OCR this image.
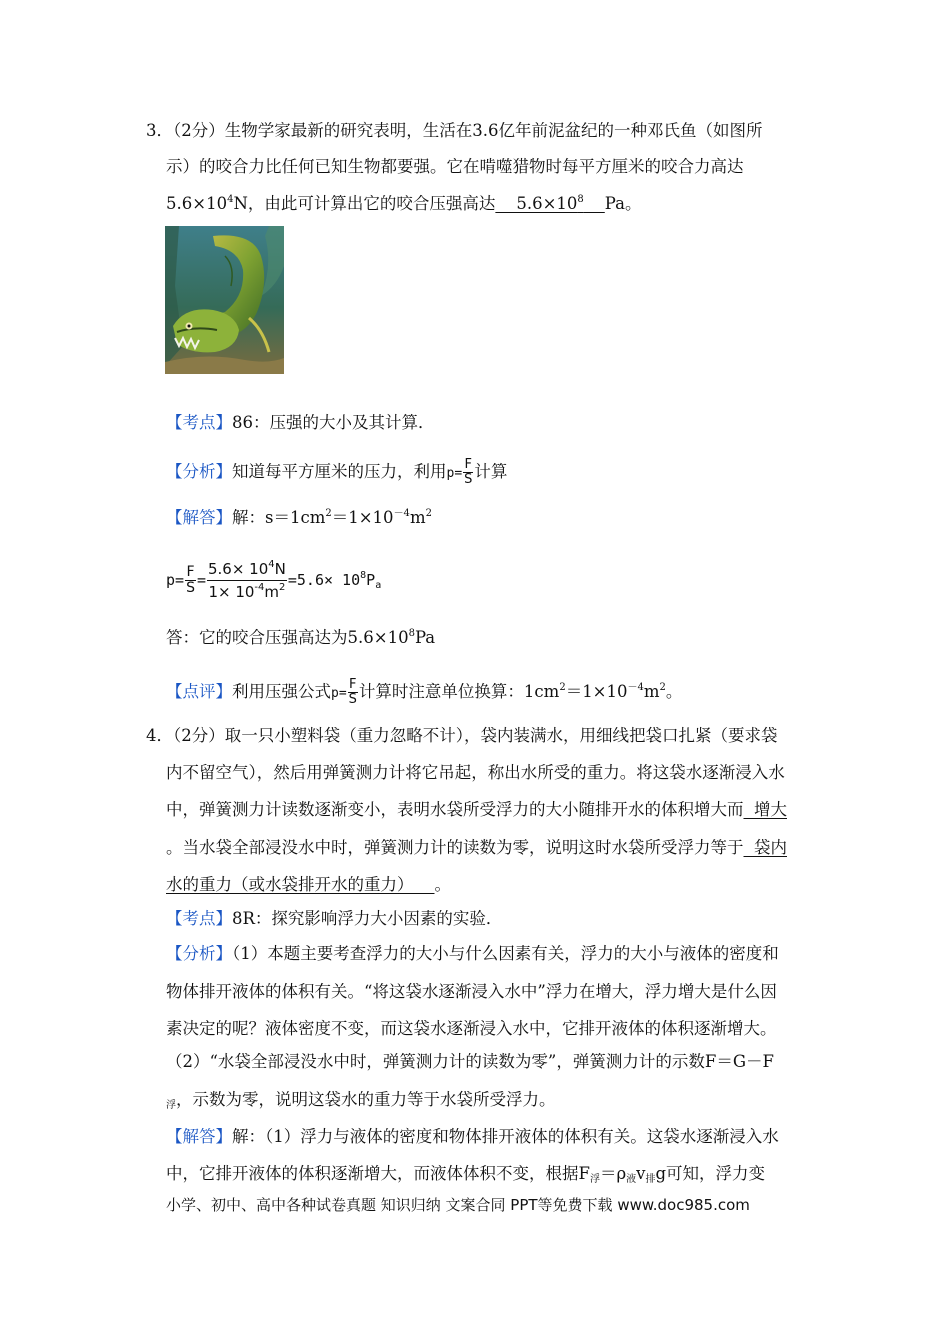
3．（2分）生物学家最新的研究表明，生活在3.6亿年前泥盆纪的一种邓氏鱼（如图所
示）的咬合力比任何已知生物都要强。它在啃噬猎物时每平方厘米的咬合力高达
$5.6\times 10^4N$，由此可计算出它的咬合压强高达    $5.6\times 10^8$ Pa。
【考点】86：压强的大小及其计算．
【分析】知道每平方厘米的压力，利用$p= \frac{F}{S}$ 计算
【解答】解：$s=1cm^2=1\times 10^{-4}m^2$
$p= \frac{F}{S} = \frac{5.6\times 10^4N}{1\times 10^{-4}m^2} =5.6\times 10^8P_a$
答：它的咬合压强高达为$5.6\times 10^8Pa$
【点评】利用压强公式$p= \frac{F}{S}$ 计算时注意单位换算：$1cm^2=1\times 10^{-4}m^2$。
4．（2分）取一只小塑料袋（重力忽略不计），袋内装满水，用细线把袋口扎紧（要求袋
内不留空气），然后用弹簧测力计将它吊起，称出水所受的重力。将这袋水逐渐浸入水
中，弹簧测力计读数逐渐变小，表明水袋所受浮力的大小随排开水的体积增大而  增大
。当水袋全部浸没水中时，弹簧测力计的读数为零，说明这时水袋所受浮力等于  袋内
水的重力（或水袋排开水的重力）    。
【考点】8R：探究影响浮力大小因素的实验．
【分析】（1）本题主要考查浮力的大小与什么因素有关，浮力的大小与液体的密度和
物体排开液体的体积有关。“将这袋水逐渐浸入水中”浮力在增大，浮力增大是什么因
素决定的呢？液体密度不变，而这袋水逐渐浸入水中，它排开液体的体积逐渐增大。
（2）“水袋全部浸没水中时，弹簧测力计的读数为零”，弹簧测力计的示数F＝G－F
$_浮$，示数为零，说明这袋水的重力等于水袋所受浮力。
【解答】解：（1）浮力与液体的密度和物体排开液体的体积有关。这袋水逐渐浸入水
中，它排开液体的体积逐渐增大，而液体体积不变，根据$F_浮=\rho_液v_排g$可知，浮力变
小学、初中、高中各种试卷真题 知识归纳 文案合同 PPT等免费下载 www.doc985.com
